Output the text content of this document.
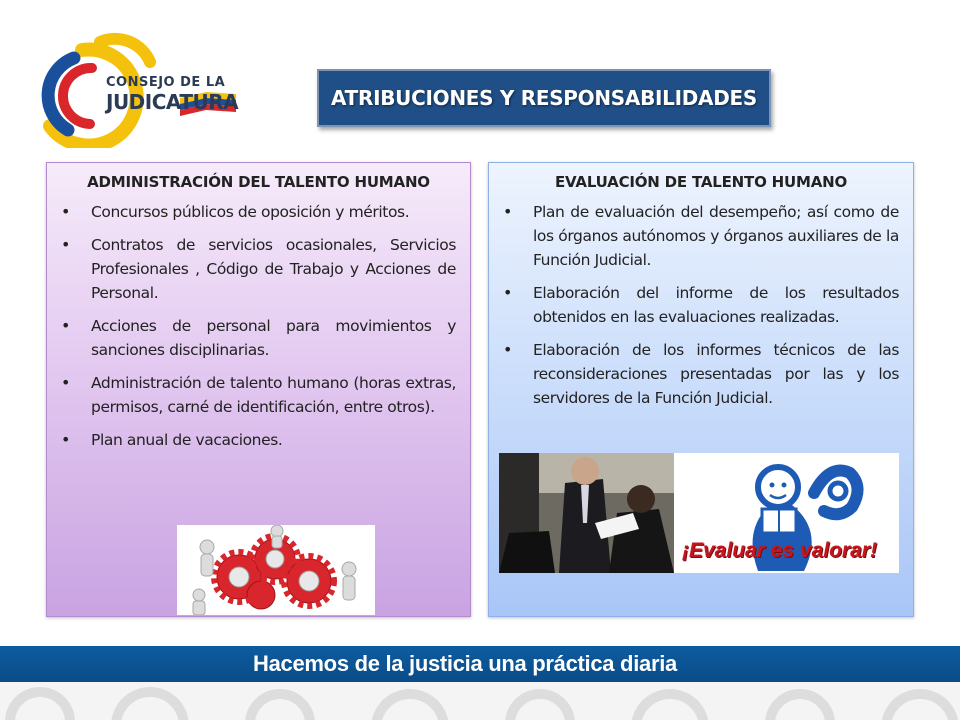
CONSEJO DE LA
JUDICATURA	ATRIBUCIONES Y RESPONSABILIDADES
ADMINISTRACIÓN DEL TALENTO HUMANO
• Concursos públicos de oposición y méritos.
• Contratos de servicios ocasionales, Servicios Profesionales , Código de Trabajo y Acciones de Personal.
• Acciones de personal para movimientos y sanciones disciplinarias.
• Administración de talento humano (horas extras, permisos, carné de identificación, entre otros).
• Plan anual de vacaciones.
EVALUACIÓN DE TALENTO HUMANO
• Plan de evaluación del desempeño; así como de los órganos autónomos y órganos auxiliares de la Función Judicial.
• Elaboración del informe de los resultados obtenidos en las evaluaciones realizadas.
• Elaboración de los informes técnicos de las reconsideraciones presentadas por las y los servidores de la Función Judicial.
¡Evaluar es valorar!
Hacemos de la justicia una práctica diaria
